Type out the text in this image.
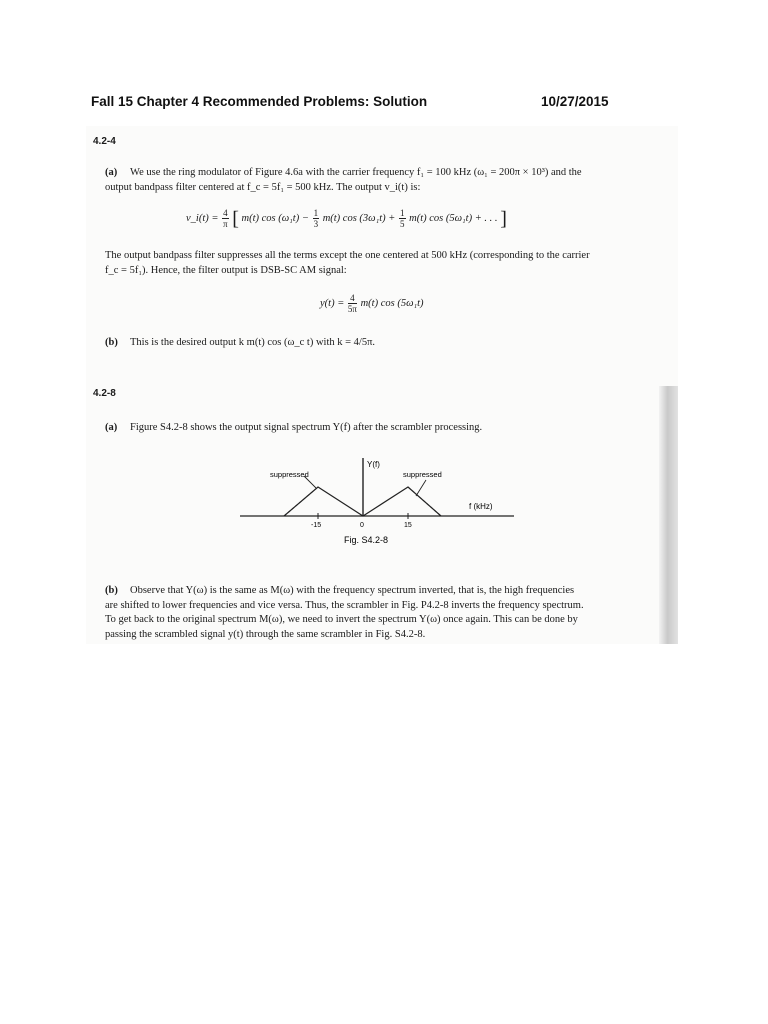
Fall 15 Chapter 4 Recommended Problems: Solution	10/27/2015
4.2-4
(a) We use the ring modulator of Figure 4.6a with the carrier frequency f₁ = 100 kHz (ω₁ = 200π × 10³) and the
output bandpass filter centered at f_c = 5f₁ = 500 kHz. The output v_i(t) is:
v_i(t) = $\frac{4}{\pi}$ [ m(t) $\cos (\omega_1t) - \frac{1}{3} m(t)$ $\cos (3\omega_1t) + \frac{1}{5} m(t)$ cos (5ω₁t) + . . . ]
The output bandpass filter suppresses all the terms except the one centered at 500 kHz (corresponding to the carrier
f_c = 5f₁). Hence, the filter output is DSB-SC AM signal:
$y(t) = \frac{4}{5\pi} m(t)$ cos (5ω₁t)
(b) This is the desired output k m(t) cos (ω_c t) with k = 4/5π.
4.2-8
(a) Figure S4.2-8 shows the output signal spectrum Y(f) after the scrambler processing.
Y(f)
suppressed	suppressed
f (kHz)
-15	0	15
Fig. S4.2-8
(b) Observe that Y(ω) is the same as M(ω) with the frequency spectrum inverted, that is, the high frequencies
are shifted to lower frequencies and vice versa. Thus, the scrambler in Fig. P4.2-8 inverts the frequency spectrum.
To get back to the original spectrum M(ω), we need to invert the spectrum Y(ω) once again. This can be done by
passing the scrambled signal y(t) through the same scrambler in Fig. S4.2-8.
